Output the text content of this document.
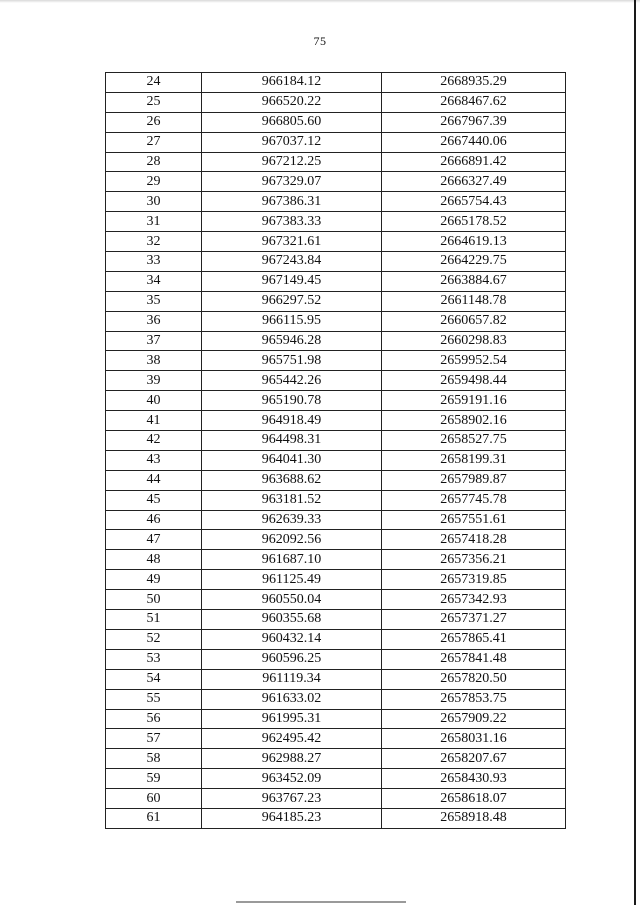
75
24	966184.12	2668935.29
25	966520.22	2668467.62
26	966805.60	2667967.39
27	967037.12	2667440.06
28	967212.25	2666891.42
29	967329.07	2666327.49
30	967386.31	2665754.43
31	967383.33	2665178.52
32	967321.61	2664619.13
33	967243.84	2664229.75
34	967149.45	2663884.67
35	966297.52	2661148.78
36	966115.95	2660657.82
37	965946.28	2660298.83
38	965751.98	2659952.54
39	965442.26	2659498.44
40	965190.78	2659191.16
41	964918.49	2658902.16
42	964498.31	2658527.75
43	964041.30	2658199.31
44	963688.62	2657989.87
45	963181.52	2657745.78
46	962639.33	2657551.61
47	962092.56	2657418.28
48	961687.10	2657356.21
49	961125.49	2657319.85
50	960550.04	2657342.93
51	960355.68	2657371.27
52	960432.14	2657865.41
53	960596.25	2657841.48
54	961119.34	2657820.50
55	961633.02	2657853.75
56	961995.31	2657909.22
57	962495.42	2658031.16
58	962988.27	2658207.67
59	963452.09	2658430.93
60	963767.23	2658618.07
61	964185.23	2658918.48
